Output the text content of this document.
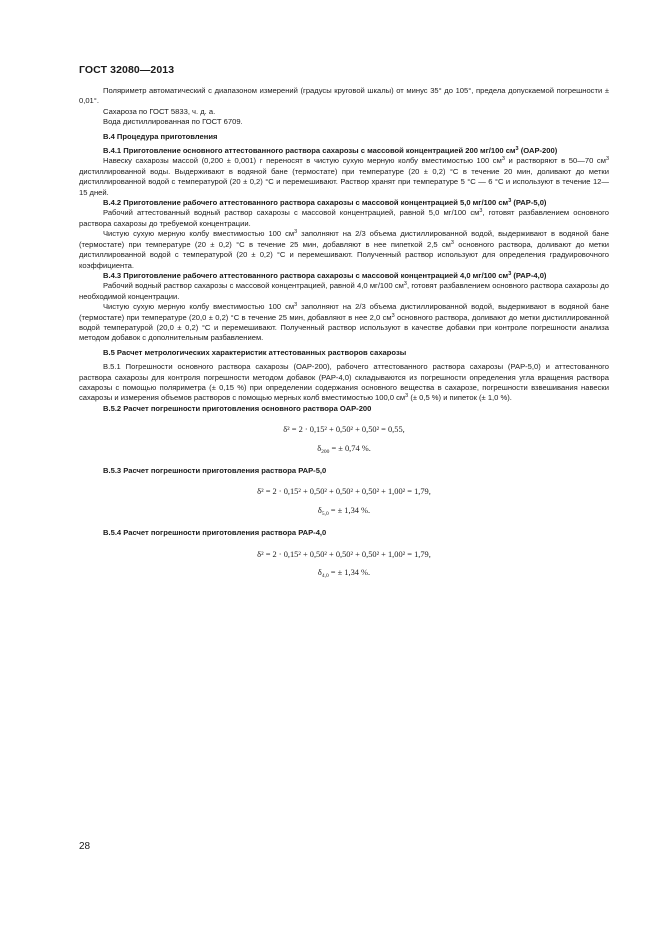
ГОСТ 32080—2013

Поляриметр автоматический с диапазоном измерений (градусы круговой шкалы) от минус 35° до 105°, предела допускаемой погрешности ± 0,01°.

Сахароза по ГОСТ 5833, ч. д. а.

Вода дистиллированная по ГОСТ 6709.

В.4 Процедура приготовления

В.4.1 Приготовление основного аттестованного раствора сахарозы с массовой концентрацией 200 мг/100 $см^3$ (ОАР-200)

Навеску сахарозы массой (0,200 ± 0,001) г переносят в чистую сухую мерную колбу вместимостью 100 $см^3$ и растворяют в 50—70 $см^3$ дистиллированной воды. Выдерживают в водяной бане (термостате) при температуре (20 ± 0,2) °С в течение 20 мин, доливают до метки дистиллированной водой с температурой (20 ± 0,2) °С и перемешивают. Раствор хранят при температуре 5 °С — 6 °С и используют в течение 12—15 дней.

В.4.2 Приготовление рабочего аттестованного раствора сахарозы с массовой концентрацией 5,0 мг/100 $см^3$ (РАР-5,0)

Рабочий аттестованный водный раствор сахарозы с массовой концентрацией, равной 5,0 мг/100 $см^3$, готовят разбавлением основного раствора сахарозы до требуемой концентрации.

Чистую сухую мерную колбу вместимостью 100 $см^3$ заполняют на 2/3 объема дистиллированной водой, выдерживают в водяной бане (термостате) при температуре (20 ± 0,2) °С в течение 25 мин, добавляют в нее пипеткой 2,5 $см^3$ основного раствора, доливают до метки дистиллированной водой с температурой (20 ± 0,2) °С и перемешивают. Полученный раствор используют для определения градуировочного коэффициента.

В.4.3 Приготовление рабочего аттестованного раствора сахарозы с массовой концентрацией 4,0 мг/100 $см^3$ (РАР-4,0)

Рабочий водный раствор сахарозы с массовой концентрацией, равной 4,0 мг/100 $см^3$, готовят разбавлением основного раствора сахарозы до необходимой концентрации.

Чистую сухую мерную колбу вместимостью 100 $см^3$ заполняют на 2/3 объема дистиллированной водой, выдерживают в водяной бане (термостате) при температуре (20,0 ± 0,2) °С в течение 25 мин, добавляют в нее 2,0 $см^3$ основного раствора, доливают до метки дистиллированной водой температурой (20,0 ± 0,2) °С и перемешивают. Полученный раствор используют в качестве добавки при контроле погрешности анализа методом добавок с дополнительным разбавлением.

В.5 Расчет метрологических характеристик аттестованных растворов сахарозы

В.5.1 Погрешности основного раствора сахарозы (ОАР-200), рабочего аттестованного раствора сахарозы (РАР-5,0) и аттестованного раствора сахарозы для контроля погрешности методом добавок (РАР-4,0) складываются из погрешности определения угла вращения раствора сахарозы с помощью поляриметра (± 0,15 %) при определении содержания основного вещества в сахарозе, погрешности взвешивания навески сахарозы и измерения объемов растворов с помощью мерных колб вместимостью 100,0 $см^3$ (± 0,5 %) и пипеток (± 1,0 %).

В.5.2 Расчет погрешности приготовления основного раствора ОАР-200

δ² = 2 · 0,15² + 0,50² + 0,50² = 0,55,

$\delta_{200}$ = ± 0,74 %.

В.5.3 Расчет погрешности приготовления раствора РАР-5,0

δ² = 2 · 0,15² + 0,50² + 0,50² + 0,50² + 1,00² = 1,79,

$\delta_{5,0}$ = ± 1,34 %.

В.5.4 Расчет погрешности приготовления раствора РАР-4,0

δ² = 2 · 0,15² + 0,50² + 0,50² + 0,50² + 1,00² = 1,79,

$\delta_{4,0}$ = ± 1,34 %.

28
